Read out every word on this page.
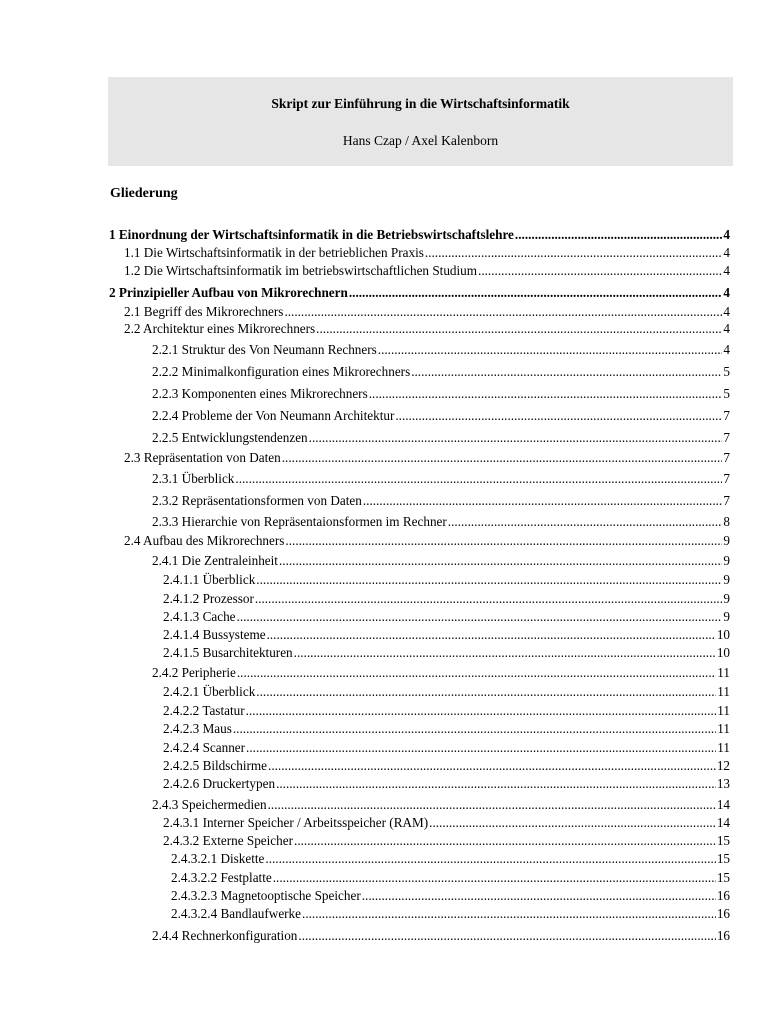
Skript zur Einführung in die Wirtschaftsinformatik
Hans Czap / Axel Kalenborn
Gliederung
1 Einordnung der Wirtschaftsinformatik in die Betriebswirtschaftslehre .....	4
1.1 Die Wirtschaftsinformatik in der betrieblichen Praxis .....	4
1.2 Die Wirtschaftsinformatik im betriebswirtschaftlichen Studium .....	4
2 Prinzipieller Aufbau von Mikrorechnern .....	4
2.1 Begriff des Mikrorechners .....	4
2.2 Architektur eines Mikrorechners .....	4
2.2.1 Struktur des Von Neumann Rechners .....	4
2.2.2 Minimalkonfiguration eines Mikrorechners .....	5
2.2.3 Komponenten eines Mikrorechners .....	5
2.2.4 Probleme der Von Neumann Architektur .....	7
2.2.5 Entwicklungstendenzen .....	7
2.3 Repräsentation von Daten .....	7
2.3.1 Überblick .....	7
2.3.2 Repräsentationsformen von Daten .....	7
2.3.3 Hierarchie von Repräsentaionsformen im Rechner .....	8
2.4 Aufbau des Mikrorechners .....	9
2.4.1 Die Zentraleinheit .....	9
2.4.1.1 Überblick .....	9
2.4.1.2 Prozessor .....	9
2.4.1.3 Cache .....	9
2.4.1.4 Bussysteme .....	10
2.4.1.5 Busarchitekturen .....	10
2.4.2 Peripherie .....	11
2.4.2.1 Überblick .....	11
2.4.2.2 Tastatur .....	11
2.4.2.3 Maus .....	11
2.4.2.4 Scanner .....	11
2.4.2.5 Bildschirme .....	12
2.4.2.6 Druckertypen .....	13
2.4.3 Speichermedien .....	14
2.4.3.1 Interner Speicher / Arbeitsspeicher (RAM) .....	14
2.4.3.2 Externe Speicher .....	15
2.4.3.2.1 Diskette .....	15
2.4.3.2.2 Festplatte .....	15
2.4.3.2.3 Magnetooptische Speicher .....	16
2.4.3.2.4 Bandlaufwerke .....	16
2.4.4 Rechnerkonfiguration .....	16
